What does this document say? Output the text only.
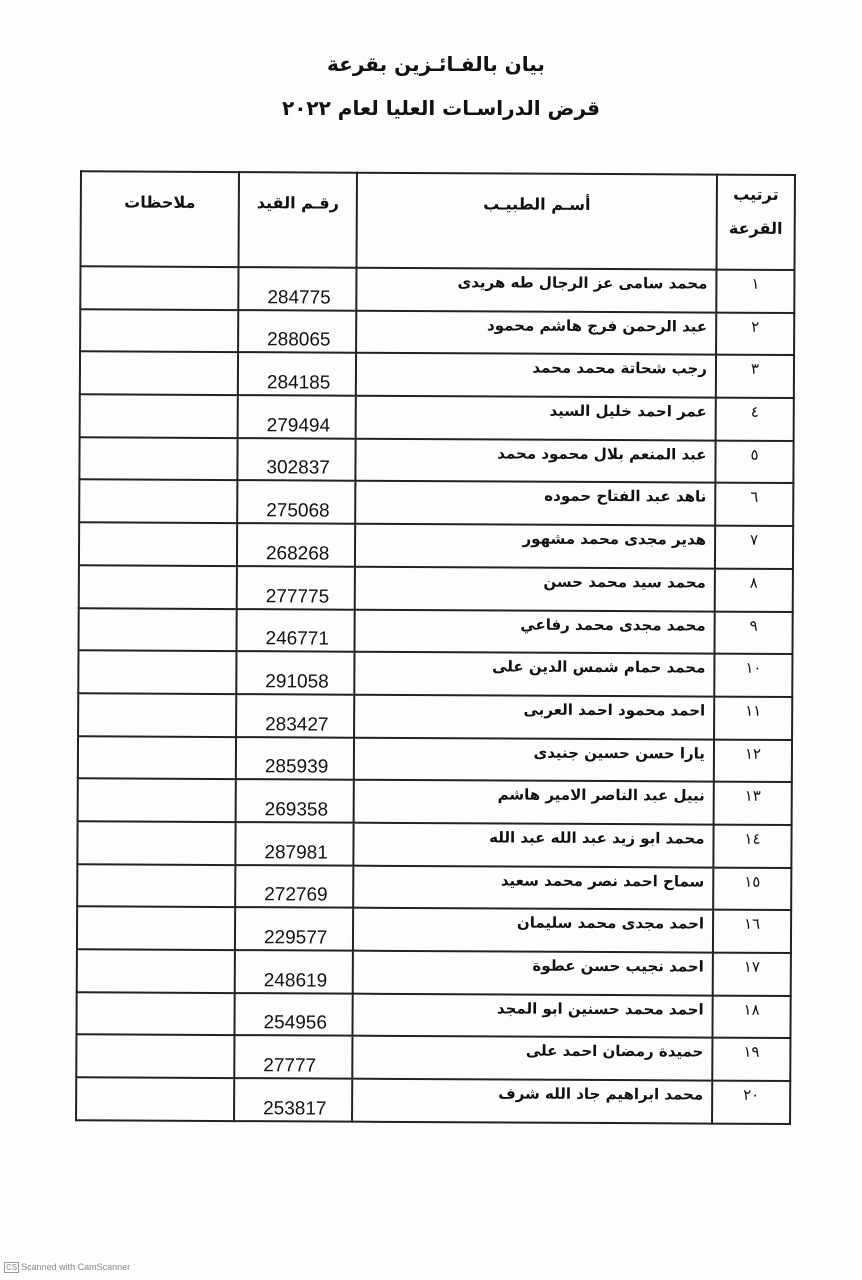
بيان بالفـائـزين بقرعة
قرض الدراسـات العليا لعام ٢٠٢٢
ترتيب القرعة	أسـم الطبيـب	رقـم القيد	ملاحظات
١	محمد سامى عز الرجال طه هريدى	284775	
٢	عبد الرحمن فرج هاشم محمود	288065	
٣	رجب شحاتة محمد محمد	284185	
٤	عمر احمد خليل السيد	279494	
٥	عبد المنعم بلال محمود محمد	302837	
٦	ناهد عبد الفتاح حموده	275068	
٧	هدير مجدى محمد مشهور	268268	
٨	محمد سيد محمد حسن	277775	
٩	محمد مجدى محمد رفاعي	246771	
١٠	محمد حمام شمس الدين على	291058	
١١	احمد محمود احمد العربى	283427	
١٢	يارا حسن حسين جنيدى	285939	
١٣	نبيل عبد الناصر الامير هاشم	269358	
١٤	محمد ابو زيد عبد الله عبد الله	287981	
١٥	سماح احمد نصر محمد سعيد	272769	
١٦	احمد مجدى محمد سليمان	229577	
١٧	احمد نجيب حسن عطوة	248619	
١٨	احمد محمد حسنين ابو المجد	254956	
١٩	حميدة رمضان احمد على	27777	
٢٠	محمد ابراهيم جاد الله شرف	253817	
CS Scanned with CamScanner
